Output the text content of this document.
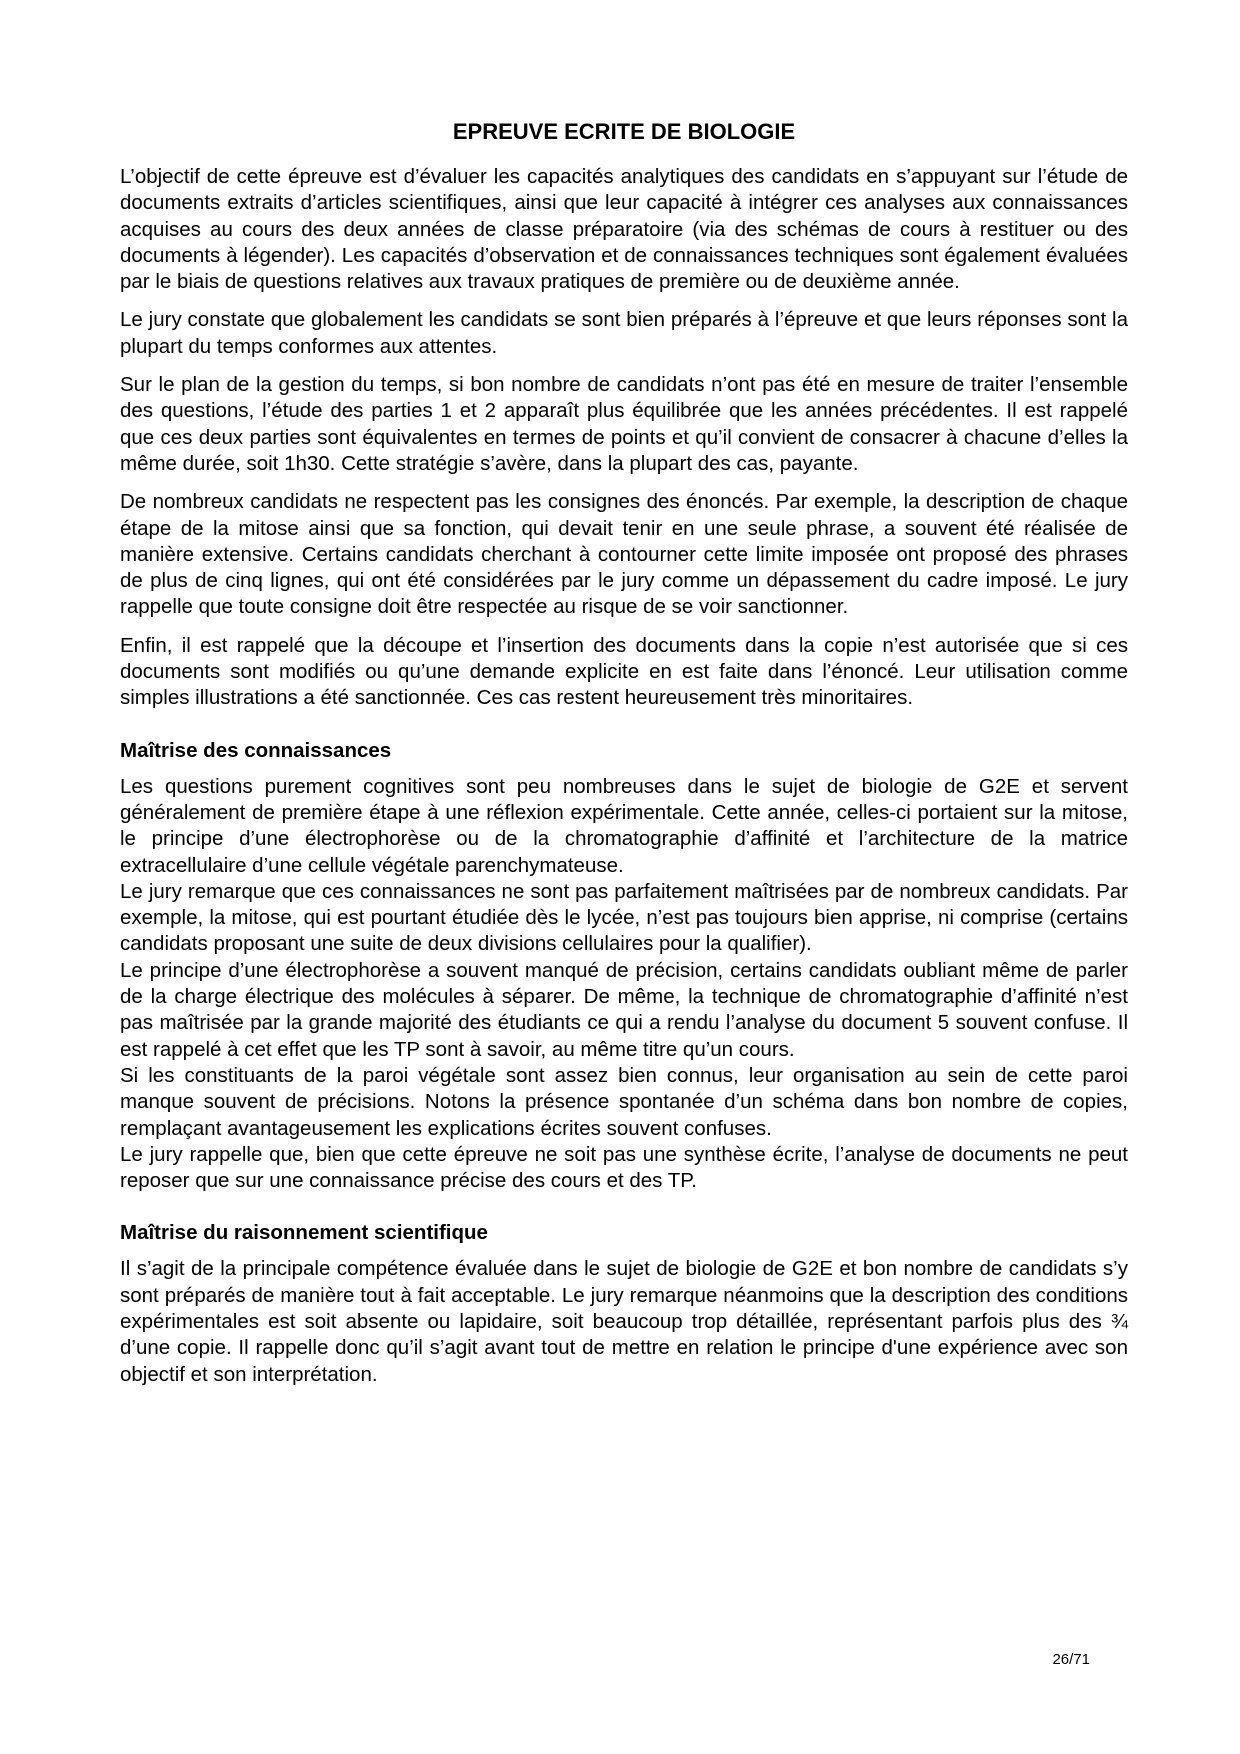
EPREUVE ECRITE DE BIOLOGIE

L’objectif de cette épreuve est d’évaluer les capacités analytiques des candidats en s’appuyant sur l’étude de documents extraits d’articles scientifiques, ainsi que leur capacité à intégrer ces analyses aux connaissances acquises au cours des deux années de classe préparatoire (via des schémas de cours à restituer ou des documents à légender). Les capacités d’observation et de connaissances techniques sont également évaluées par le biais de questions relatives aux travaux pratiques de première ou de deuxième année.

Le jury constate que globalement les candidats se sont bien préparés à l’épreuve et que leurs réponses sont la plupart du temps conformes aux attentes.

Sur le plan de la gestion du temps, si bon nombre de candidats n’ont pas été en mesure de traiter l’ensemble des questions, l’étude des parties 1 et 2 apparaît plus équilibrée que les années précédentes. Il est rappelé que ces deux parties sont équivalentes en termes de points et qu’il convient de consacrer à chacune d’elles la même durée, soit 1h30. Cette stratégie s’avère, dans la plupart des cas, payante.

De nombreux candidats ne respectent pas les consignes des énoncés. Par exemple, la description de chaque étape de la mitose ainsi que sa fonction, qui devait tenir en une seule phrase, a souvent été réalisée de manière extensive. Certains candidats cherchant à contourner cette limite imposée ont proposé des phrases de plus de cinq lignes, qui ont été considérées par le jury comme un dépassement du cadre imposé. Le jury rappelle que toute consigne doit être respectée au risque de se voir sanctionner.

Enfin, il est rappelé que la découpe et l’insertion des documents dans la copie n’est autorisée que si ces documents sont modifiés ou qu’une demande explicite en est faite dans l’énoncé. Leur utilisation comme simples illustrations a été sanctionnée. Ces cas restent heureusement très minoritaires.

Maîtrise des connaissances

Les questions purement cognitives sont peu nombreuses dans le sujet de biologie de G2E et servent généralement de première étape à une réflexion expérimentale. Cette année, celles-ci portaient sur la mitose, le principe d’une électrophorèse ou de la chromatographie d’affinité et l’architecture de la matrice extracellulaire d’une cellule végétale parenchymateuse.

Le jury remarque que ces connaissances ne sont pas parfaitement maîtrisées par de nombreux candidats. Par exemple, la mitose, qui est pourtant étudiée dès le lycée, n’est pas toujours bien apprise, ni comprise (certains candidats proposant une suite de deux divisions cellulaires pour la qualifier).

Le principe d’une électrophorèse a souvent manqué de précision, certains candidats oubliant même de parler de la charge électrique des molécules à séparer. De même, la technique de chromatographie d’affinité n’est pas maîtrisée par la grande majorité des étudiants ce qui a rendu l’analyse du document 5 souvent confuse. Il est rappelé à cet effet que les TP sont à savoir, au même titre qu’un cours.

Si les constituants de la paroi végétale sont assez bien connus, leur organisation au sein de cette paroi manque souvent de précisions. Notons la présence spontanée d’un schéma dans bon nombre de copies, remplaçant avantageusement les explications écrites souvent confuses.

Le jury rappelle que, bien que cette épreuve ne soit pas une synthèse écrite, l’analyse de documents ne peut reposer que sur une connaissance précise des cours et des TP.

Maîtrise du raisonnement scientifique

Il s’agit de la principale compétence évaluée dans le sujet de biologie de G2E et bon nombre de candidats s’y sont préparés de manière tout à fait acceptable. Le jury remarque néanmoins que la description des conditions expérimentales est soit absente ou lapidaire, soit beaucoup trop détaillée, représentant parfois plus des ¾ d’une copie. Il rappelle donc qu’il s’agit avant tout de mettre en relation le principe d'une expérience avec son objectif et son interprétation.

26/71
